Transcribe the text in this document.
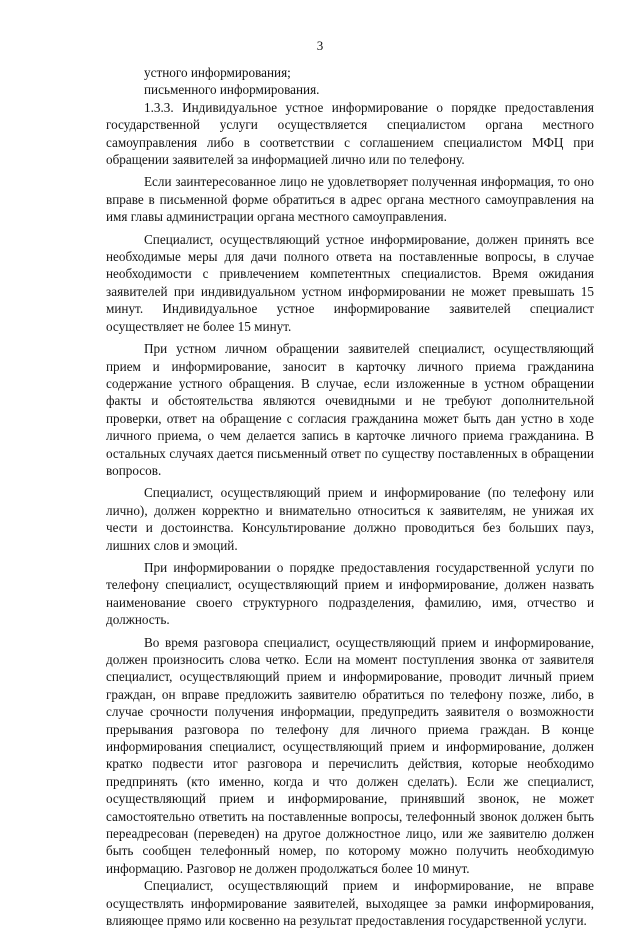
3

устного информирования;

письменного информирования.

1.3.3. Индивидуальное устное информирование о порядке предоставления государственной услуги осуществляется специалистом органа местного самоуправления либо в соответствии с соглашением специалистом МФЦ при обращении заявителей за информацией лично или по телефону.

Если заинтересованное лицо не удовлетворяет полученная информация, то оно вправе в письменной форме обратиться в адрес органа местного самоуправления на имя главы администрации органа местного самоуправления.

Специалист, осуществляющий устное информирование, должен принять все необходимые меры для дачи полного ответа на поставленные вопросы, в случае необходимости с привлечением компетентных специалистов. Время ожидания заявителей при индивидуальном устном информировании не может превышать 15 минут. Индивидуальное устное информирование заявителей специалист осуществляет не более 15 минут.

При устном личном обращении заявителей специалист, осуществляющий прием и информирование, заносит в карточку личного приема гражданина содержание устного обращения. В случае, если изложенные в устном обращении факты и обстоятельства являются очевидными и не требуют дополнительной проверки, ответ на обращение с согласия гражданина может быть дан устно в ходе личного приема, о чем делается запись в карточке личного приема гражданина. В остальных случаях дается письменный ответ по существу поставленных в обращении вопросов.

Специалист, осуществляющий прием и информирование (по телефону или лично), должен корректно и внимательно относиться к заявителям, не унижая их чести и достоинства. Консультирование должно проводиться без больших пауз, лишних слов и эмоций.

При информировании о порядке предоставления государственной услуги по телефону специалист, осуществляющий прием и информирование, должен назвать наименование своего структурного подразделения, фамилию, имя, отчество и должность.

Во время разговора специалист, осуществляющий прием и информирование, должен произносить слова четко. Если на момент поступления звонка от заявителя специалист, осуществляющий прием и информирование, проводит личный прием граждан, он вправе предложить заявителю обратиться по телефону позже, либо, в случае срочности получения информации, предупредить заявителя о возможности прерывания разговора по телефону для личного приема граждан. В конце информирования специалист, осуществляющий прием и информирование, должен кратко подвести итог разговора и перечислить действия, которые необходимо предпринять (кто именно, когда и что должен сделать). Если же специалист, осуществляющий прием и информирование, принявший звонок, не может самостоятельно ответить на поставленные вопросы, телефонный звонок должен быть переадресован (переведен) на другое должностное лицо, или же заявителю должен быть сообщен телефонный номер, по которому можно получить необходимую информацию. Разговор не должен продолжаться более 10 минут.

Специалист, осуществляющий прием и информирование, не вправе осуществлять информирование заявителей, выходящее за рамки информирования, влияющее прямо или косвенно на результат предоставления государственной услуги.
